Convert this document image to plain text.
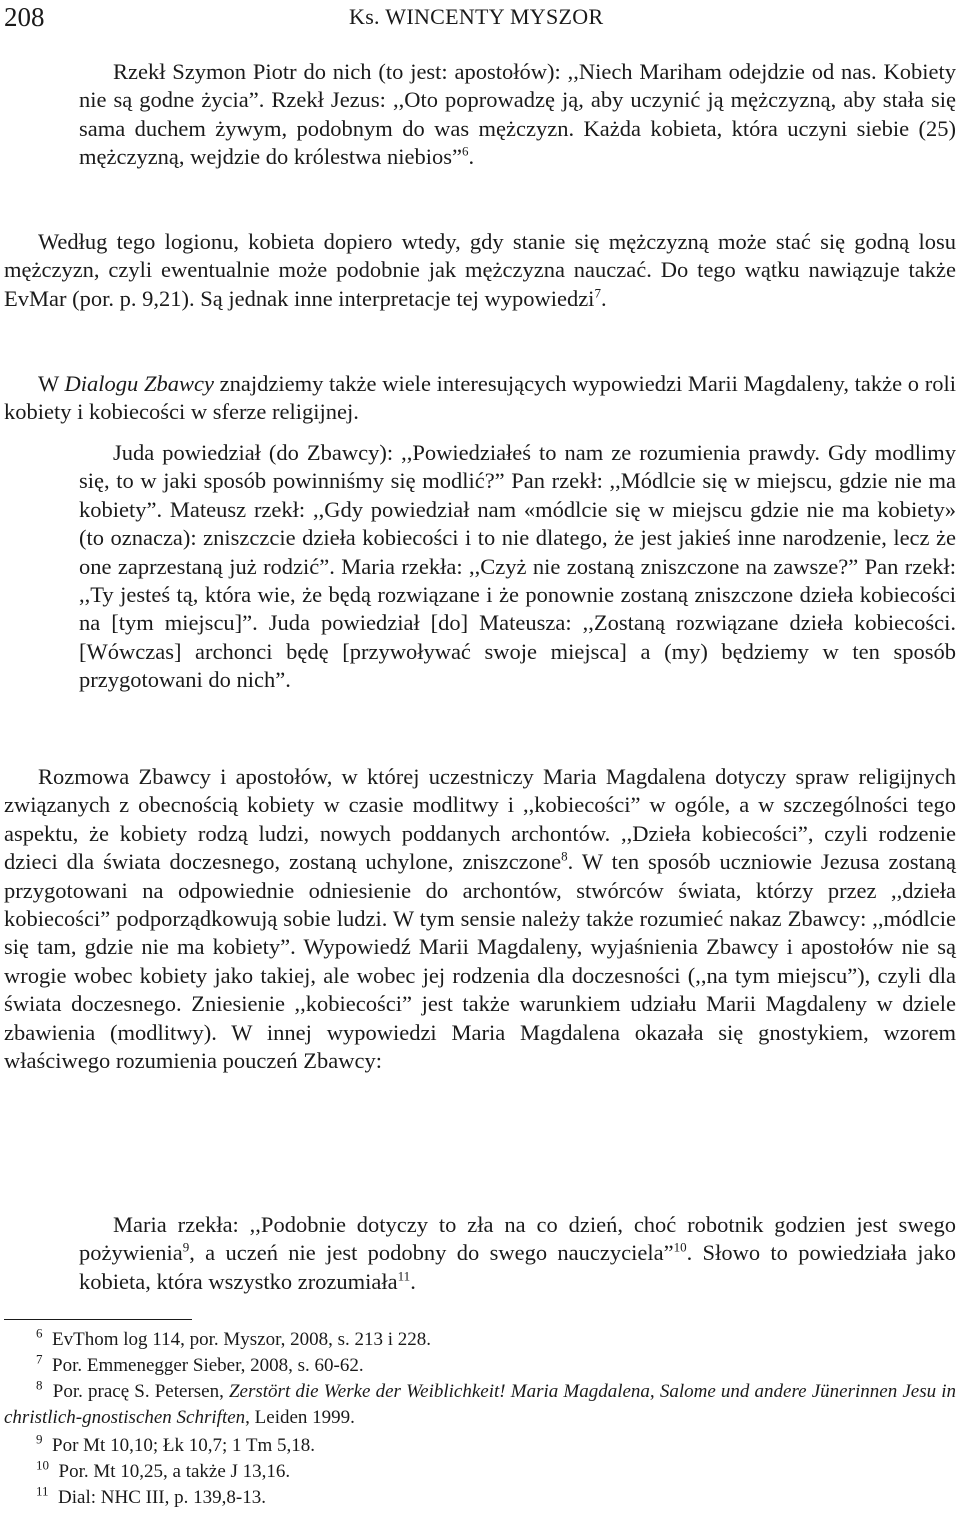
208	Ks. WINCENTY MYSZOR
Rzekł Szymon Piotr do nich (to jest: apostołów): ,,Niech Mariham odejdzie od nas. Kobiety nie są godne życia”. Rzekł Jezus: ,,Oto poprowadzę ją, aby uczynić ją mężczyzną, aby stała się sama duchem żywym, podobnym do was mężczyzn. Każda kobieta, która uczyni siebie (25) mężczyzną, wejdzie do królestwa niebios”$^6$.
Według tego logionu, kobieta dopiero wtedy, gdy stanie się mężczyzną może stać się godną losu mężczyzn, czyli ewentualnie może podobnie jak mężczyzna nauczać. Do tego wątku nawiązuje także EvMar (por. p. 9,21). Są jednak inne interpretacje tej wypowiedzi$^7$.
W Dialogu Zbawcy znajdziemy także wiele interesujących wypowiedzi Marii Magdaleny, także o roli kobiety i kobiecości w sferze religijnej.
Juda powiedział (do Zbawcy): ,,Powiedziałeś to nam ze rozumienia prawdy. Gdy modlimy się, to w jaki sposób powinniśmy się modlić?” Pan rzekł: ,,Módlcie się w miejscu, gdzie nie ma kobiety”. Mateusz rzekł: ,,Gdy powiedział nam «módlcie się w miejscu gdzie nie ma kobiety» (to oznacza): zniszczcie dzieła kobiecości i to nie dlatego, że jest jakieś inne narodzenie, lecz że one zaprzestaną już rodzić”. Maria rzekła: ,,Czyż nie zostaną zniszczone na zawsze?” Pan rzekł: ,,Ty jesteś tą, która wie, że będą rozwiązane i że ponownie zostaną zniszczone dzieła kobiecości na [tym miejscu]”. Juda powiedział [do] Mateusza: ,,Zostaną rozwiązane dzieła kobiecości. [Wówczas] archonci będę [przywoływać swoje miejsca] a (my) będziemy w ten sposób przygotowani do nich”.
Rozmowa Zbawcy i apostołów, w której uczestniczy Maria Magdalena dotyczy spraw religijnych związanych z obecnością kobiety w czasie modlitwy i ,,kobiecości” w ogóle, a w szczególności tego aspektu, że kobiety rodzą ludzi, nowych poddanych archontów. ,,Dzieła kobiecości”, czyli rodzenie dzieci dla świata doczesnego, zostaną uchylone, zniszczone$^8$. W ten sposób uczniowie Jezusa zostaną przygotowani na odpowiednie odniesienie do archontów, stwórców świata, którzy przez ,,dzieła kobiecości” podporządkowują sobie ludzi. W tym sensie należy także rozumieć nakaz Zbawcy: ,,módlcie się tam, gdzie nie ma kobiety”. Wypowiedź Marii Magdaleny, wyjaśnienia Zbawcy i apostołów nie są wrogie wobec kobiety jako takiej, ale wobec jej rodzenia dla doczesności (,,na tym miejscu”), czyli dla świata doczesnego. Zniesienie ,,kobiecości” jest także warunkiem udziału Marii Magdaleny w dziele zbawienia (modlitwy). W innej wypowiedzi Maria Magdalena okazała się gnostykiem, wzorem właściwego rozumienia pouczeń Zbawcy:
Maria rzekła: ,,Podobnie dotyczy to zła na co dzień, choć robotnik godzien jest swego pożywienia$^9$, a uczeń nie jest podobny do swego nauczyciela”$^{10}$. Słowo to powiedziała jako kobieta, która wszystko zrozumiała$^{11}$.
$^6$ EvThom log 114, por. Myszor, 2008, s. 213 i 228.
$^7$ Por. Emmenegger Sieber, 2008, s. 60-62.
$^8$ Por. pracę S. Petersen, Zerstört die Werke der Weiblichkeit! Maria Magdalena, Salome und andere Jünerinnen Jesu in christlich-gnostischen Schriften, Leiden 1999.
$^9$ Por Mt 10,10; Łk 10,7; 1 Tm 5,18.
$^{10}$ Por. Mt 10,25, a także J 13,16.
$^{11}$ Dial: NHC III, p. 139,8-13.
